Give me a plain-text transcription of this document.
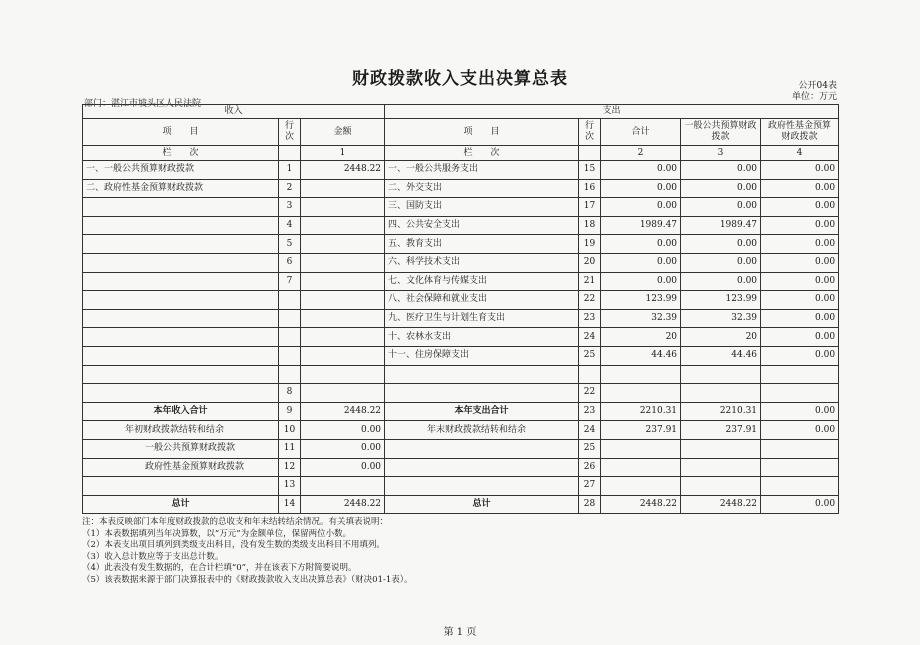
财政拨款收入支出决算总表	公开04表
单位：万元
部门：湛江市坡头区人民法院
收入			支出				
项　　目	行次	金额	项　　目	行次	合计	一般公共预算财政拨款	政府性基金预算财政拨款
栏　　次		1	栏　　次		2	3	4
一、一般公共预算财政拨款	1	2448.22	一、一般公共服务支出	15	0.00	0.00	0.00
二、政府性基金预算财政拨款	2		二、外交支出	16	0.00	0.00	0.00
	3		三、国防支出	17	0.00	0.00	0.00
	4		四、公共安全支出	18	1989.47	1989.47	0.00
	5		五、教育支出	19	0.00	0.00	0.00
	6		六、科学技术支出	20	0.00	0.00	0.00
	7		七、文化体育与传媒支出	21	0.00	0.00	0.00
			八、社会保障和就业支出	22	123.99	123.99	0.00
			九、医疗卫生与计划生育支出	23	32.39	32.39	0.00
			十、农林水支出	24	20	20	0.00
			十一、住房保障支出	25	44.46	44.46	0.00

	8			22			
本年收入合计	9	2448.22	本年支出合计	23	2210.31	2210.31	0.00
年初财政拨款结转和结余	10	0.00	年末财政拨款结转和结余	24	237.91	237.91	0.00
一般公共预算财政拨款	11	0.00		25			
政府性基金预算财政拨款	12	0.00		26			
	13			27			
总计	14	2448.22	总计	28	2448.22	2448.22	0.00
注：本表反映部门本年度财政拨款的总收支和年末结转结余情况。有关填表说明：
（1）本表数据填列当年决算数，以“万元”为金额单位，保留两位小数。
（2）本表支出项目填列到类级支出科目，没有发生数的类级支出科目不用填列。
（3）收入总计数应等于支出总计数。
（4）此表没有发生数据的，在合计栏填“0”，并在该表下方附简要说明。
（5）该表数据来源于部门决算报表中的《财政拨款收入支出决算总表》（财决01-1表）。
第 1 页
